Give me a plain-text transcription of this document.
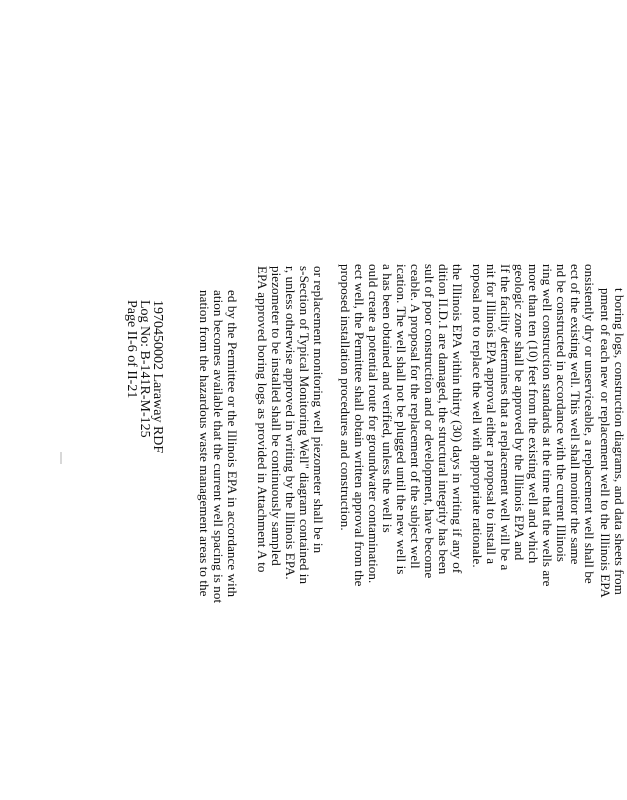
1970450002 Laraway RDF
Log No: B-141R-M-125
Page II-6 of II-21	ed by the Permittee or the Illinois EPA in accordance with
ation becomes available that the current well spacing is not
nation from the hazardous waste management areas to the	or replacement monitoring well piezometer shall be in
s-Section of Typical Monitoring Well" diagram contained in
r, unless otherwise approved in writing by the Illinois EPA.
piezometer to be installed shall be continuously sampled
EPA approved boring logs as provided in Attachment A to	the Illinois EPA within thirty (30) days in writing if any of
dition II.D.1 are damaged, the structural integrity has been
sult of poor construction and or development, have become
ceable. A proposal for the replacement of the subject well
ication. The well shall not be plugged until the new well is
a has been obtained and verified, unless the well is
ould create a potential route for groundwater contamination.
ect well, the Permittee shall obtain written approval from the
proposed installation procedures and construction.	onsistently dry or unserviceable, a replacement well shall be
ect of the existing well. This well shall monitor the same
nd be constructed in accordance with the current Illinois
ring well construction standards at the time that the wells are
more than ten (10) feet from the existing well and which
geologic zone shall be approved by the Illinois EPA and
If the facility determines that a replacement well will be a
nit for Illinois EPA approval either a proposal to install a
roposal not to replace the well with appropriate rationale.	t boring logs, construction diagrams, and data sheets from
pment of each new or replacement well to the Illinois EPA
